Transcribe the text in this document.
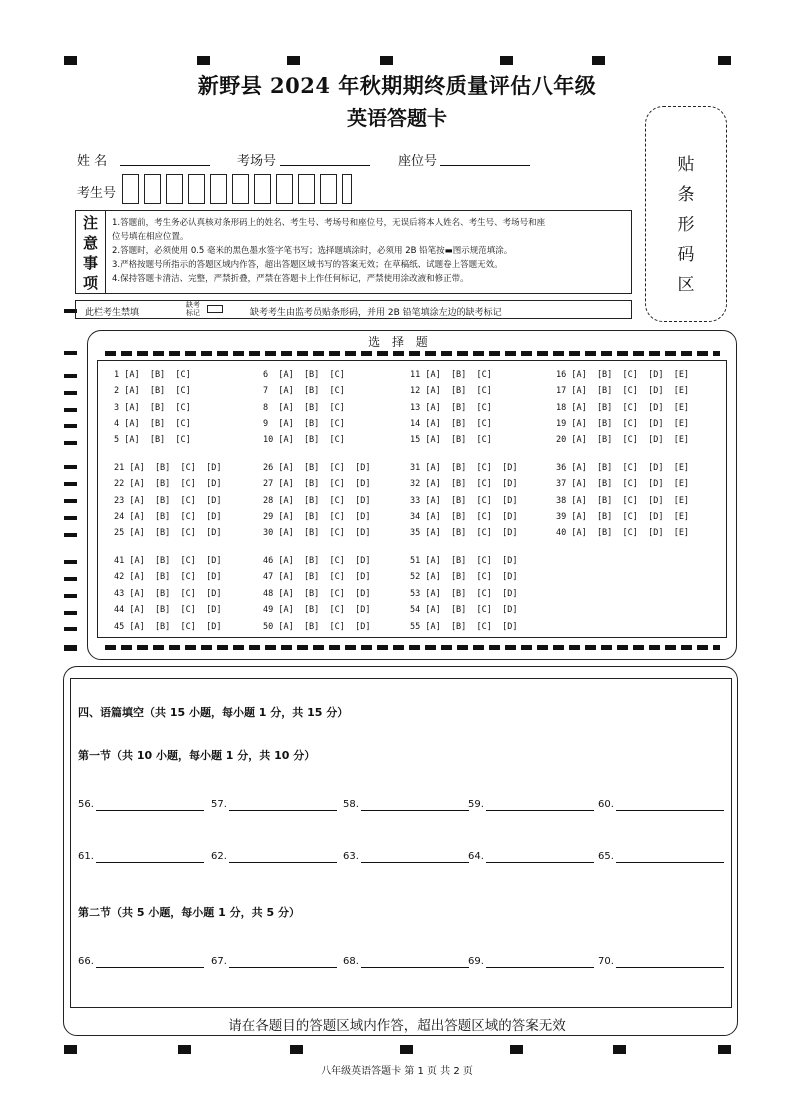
新野县 2024 年秋期期终质量评估八年级
英语答题卡
姓 名	考场号	座位号
考生号
贴
条
形
码
区
注
意
事
项
1.答题前，考生务必认真核对条形码上的姓名、考生号、考场号和座位号，无误后将本人姓名、考生号、考场号和座
位号填在相应位置。
2.答题时，必须使用 0.5 毫米的黑色墨水签字笔书写；选择题填涂时，必须用 2B 铅笔按▬图示规范填涂。
3.严格按题号所指示的答题区域内作答，超出答题区域书写的答案无效；在草稿纸、试题卷上答题无效。
4.保持答题卡清洁、完整，严禁折叠，严禁在答题卡上作任何标记，严禁使用涂改液和修正带。
此栏考生禁填
缺考
标记	缺考考生由监考员贴条形码，并用 2B 铅笔填涂左边的缺考标记
选 择 题
1 [A]  [B]  [C]	6  [A]  [B]  [C]	11 [A]  [B]  [C]	16 [A]  [B]  [C]  [D]  [E]
2 [A]  [B]  [C]	7  [A]  [B]  [C]	12 [A]  [B]  [C]	17 [A]  [B]  [C]  [D]  [E]
3 [A]  [B]  [C]	8  [A]  [B]  [C]	13 [A]  [B]  [C]	18 [A]  [B]  [C]  [D]  [E]
4 [A]  [B]  [C]	9  [A]  [B]  [C]	14 [A]  [B]  [C]	19 [A]  [B]  [C]  [D]  [E]
5 [A]  [B]  [C]	10 [A]  [B]  [C]	15 [A]  [B]  [C]	20 [A]  [B]  [C]  [D]  [E]
21 [A]  [B]  [C]  [D]	26 [A]  [B]  [C]  [D]	31 [A]  [B]  [C]  [D]	36 [A]  [B]  [C]  [D]  [E]
22 [A]  [B]  [C]  [D]	27 [A]  [B]  [C]  [D]	32 [A]  [B]  [C]  [D]	37 [A]  [B]  [C]  [D]  [E]
23 [A]  [B]  [C]  [D]	28 [A]  [B]  [C]  [D]	33 [A]  [B]  [C]  [D]	38 [A]  [B]  [C]  [D]  [E]
24 [A]  [B]  [C]  [D]	29 [A]  [B]  [C]  [D]	34 [A]  [B]  [C]  [D]	39 [A]  [B]  [C]  [D]  [E]
25 [A]  [B]  [C]  [D]	30 [A]  [B]  [C]  [D]	35 [A]  [B]  [C]  [D]	40 [A]  [B]  [C]  [D]  [E]
41 [A]  [B]  [C]  [D]	46 [A]  [B]  [C]  [D]	51 [A]  [B]  [C]  [D]
42 [A]  [B]  [C]  [D]	47 [A]  [B]  [C]  [D]	52 [A]  [B]  [C]  [D]
43 [A]  [B]  [C]  [D]	48 [A]  [B]  [C]  [D]	53 [A]  [B]  [C]  [D]
44 [A]  [B]  [C]  [D]	49 [A]  [B]  [C]  [D]	54 [A]  [B]  [C]  [D]
45 [A]  [B]  [C]  [D]	50 [A]  [B]  [C]  [D]	55 [A]  [B]  [C]  [D]
四、语篇填空（共 15 小题，每小题 1 分，共 15 分）
第一节（共 10 小题，每小题 1 分，共 10 分）
56.	57.	58.	59.	60.
61.	62.	63.	64.	65.
第二节（共 5 小题，每小题 1 分，共 5 分）
66.	67.	68.	69.	70.
请在各题目的答题区域内作答，超出答题区域的答案无效
八年级英语答题卡 第 1 页 共 2 页
